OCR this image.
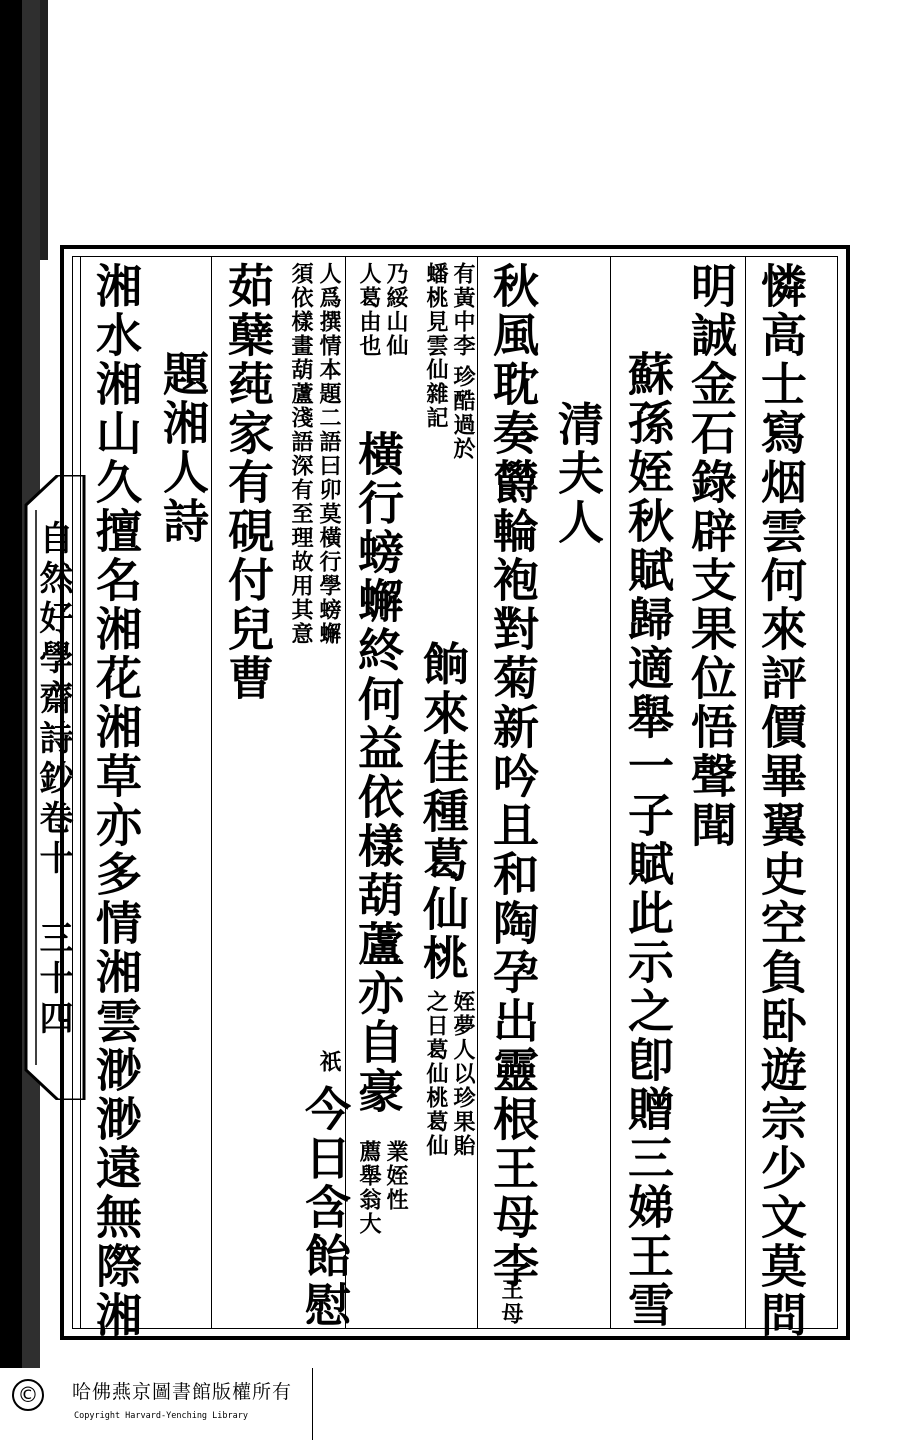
自然好學齋詩鈔卷十　三十四	憐高士寫烟雲何來評價畢翼史空負卧遊宗少文莫問
明誠金石錄辟支果位悟聲聞
蘇孫姪秋賦歸適舉一子賦此示之卽贈三娣王雪
清夫人
秋風耽奏欝輪袍對菊新吟且和陶孕出靈根王母李
王母
有黃中李
珍酷過於
蟠桃見雲仙雜記
餉來佳種葛仙桃
姪夢人以珍果貽
之日葛仙桃葛仙
乃綏山仙
人葛由也
橫行螃蠏終何益依樣葫蘆亦自豪
業姪性
薦舉翁大
人爲撰情本題二語曰卯莫橫行學螃蠏
須依樣畫葫蘆淺語深有至理故用其意
祇
今日含飴慰
茹蘖莼家有硯付兒曹
題湘人詩
湘水湘山久擅名湘花湘草亦多情湘雲渺渺遠無際湘
© 哈佛燕京圖書館版權所有
Copyright Harvard-Yenching Library
